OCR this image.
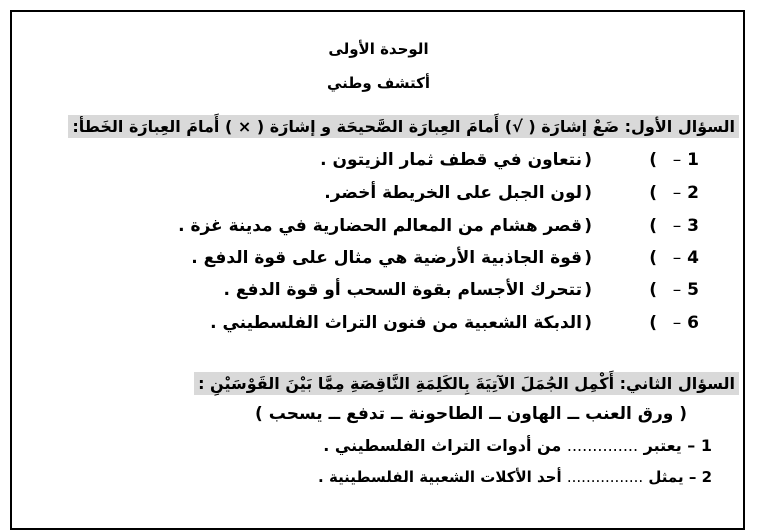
الوحدة الأولى
أكتشف وطني
السؤال الأول: ضَعْ إشارَة ( √) أَمامَ العِبارَة الصَّحيحَة و إشارَة ( × ) أَمامَ العِبارَة الخَطأ:
– 1
(
)
نتعاون في قطف ثمار الزيتون .
– 2
(
)
لون الجبل على الخريطة أخضر.
– 3
(
)
قصر هشام من المعالم الحضارية في مدينة غزة .
– 4
(
)
قوة الجاذبية الأرضية هي مثال على قوة الدفع .
– 5
(
)
تتحرك الأجسام بقوة السحب أو قوة الدفع .
– 6
(
)
الدبكة الشعبية من فنون التراث الفلسطيني .
السؤال الثاني: أَكْمِل الجُمَلَ الآتِيَةَ بِالكَلِمَةِ النَّاقِصَةِ مِمَّا بَيْنَ القَوْسَيْنِ :
( ورق العنب ــ الهاون ــ الطاحونة ــ تدفع ــ يسحب )
1 – يعتبر .............. من أدوات التراث الفلسطيني .
2 – يمثل ................ أحد الأكلات الشعبية الفلسطينية .
